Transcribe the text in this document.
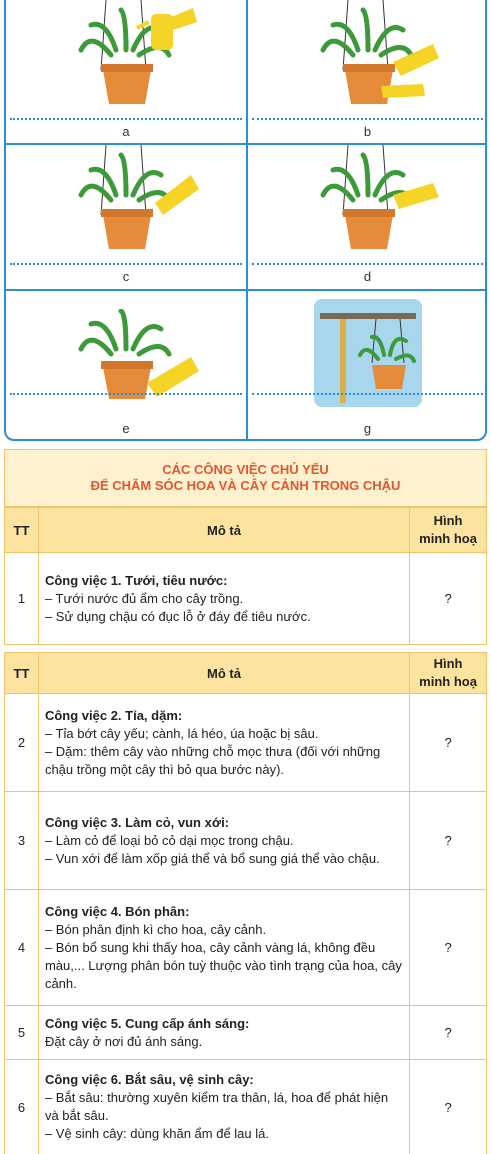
a	b
c	d
e	g
CÁC CÔNG VIỆC CHỦ YẾU
ĐỂ CHĂM SÓC HOA VÀ CÂY CẢNH TRONG CHẬU
TT	Mô tả	Hình
minh hoạ

1	Công việc 1. Tưới, tiêu nước:
– Tưới nước đủ ẩm cho cây trồng.
– Sử dụng chậu có đục lỗ ở đáy để tiêu nước.	?
TT	Mô tả	Hình
minh hoạ

2	Công việc 2. Tỉa, dặm:
– Tỉa bớt cây yếu; cành, lá héo, úa hoặc bị sâu.
– Dặm: thêm cây vào những chỗ mọc thưa (đối với những chậu trồng một cây thì bỏ qua bước này).	?
3	Công việc 3. Làm cỏ, vun xới:
– Làm cỏ để loại bỏ cỏ dại mọc trong chậu.
– Vun xới để làm xốp giá thể và bổ sung giá thể vào chậu.	?
4	Công việc 4. Bón phân:
– Bón phân định kì cho hoa, cây cảnh.
– Bón bổ sung khi thấy hoa, cây cảnh vàng lá, không đều màu,... Lượng phân bón tuỳ thuộc vào tình trạng của hoa, cây cảnh.	?
5	Công việc 5. Cung cấp ánh sáng:
Đặt cây ở nơi đủ ánh sáng.	?
6	Công việc 6. Bắt sâu, vệ sinh cây:
– Bắt sâu: thường xuyên kiểm tra thân, lá, hoa để phát hiện và bắt sâu.
– Vệ sinh cây: dùng khăn ẩm để lau lá.	?
